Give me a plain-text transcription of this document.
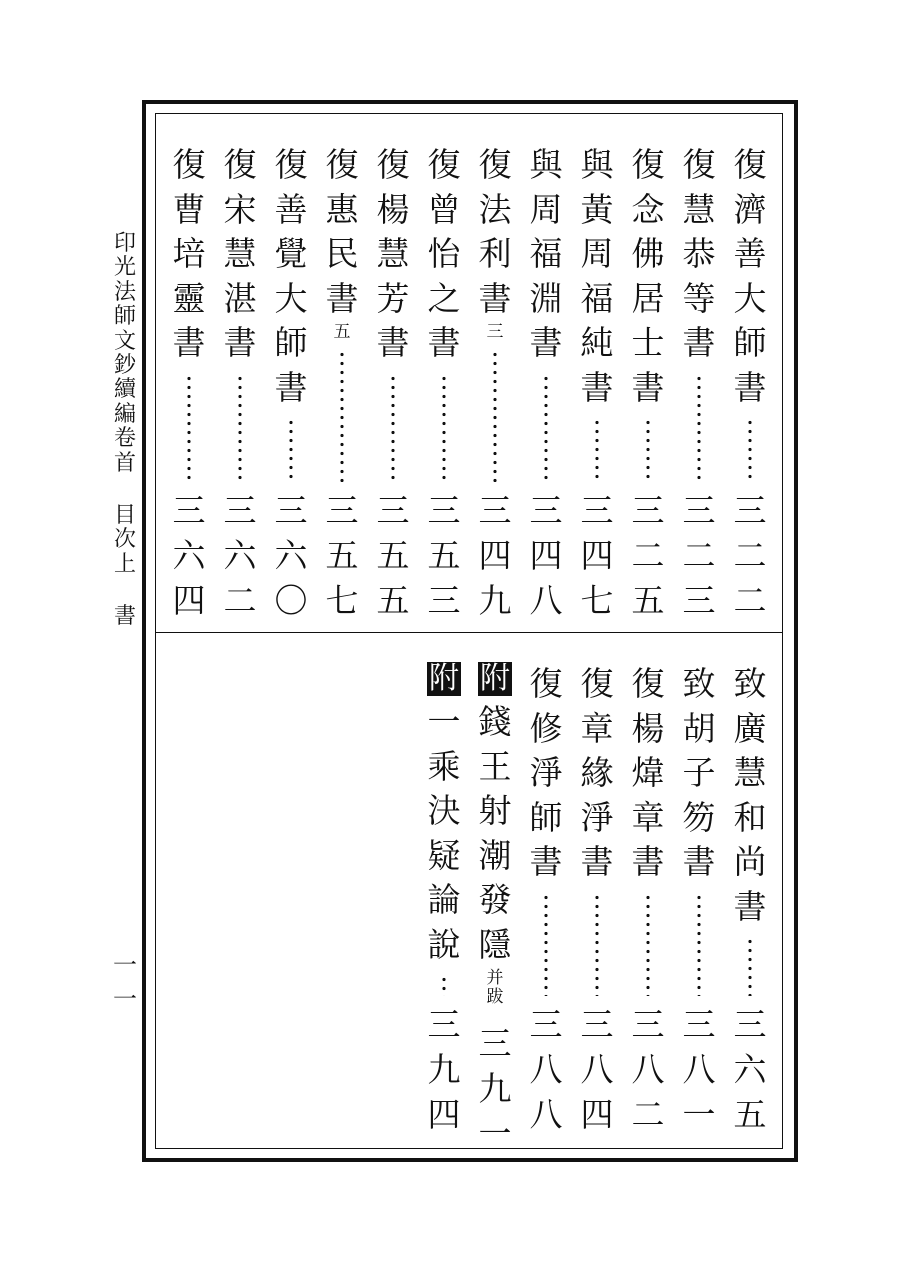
印光法師文鈔續編卷首
目次上
書
一一
復濟善大師書
三二二
復慧恭等書
三二三
復念佛居士書
三二五
與黃周福純書
三四七
與周福淵書
三四八
復法利書
三
三四九
復曾怡之書
三五三
復楊慧芳書
三五五
復惠民書
五
三五七
復善覺大師書
三六〇
復宋慧湛書
三六二
復曹培靈書
三六四
致廣慧和尚書
三六五
致胡子笏書
三八一
復楊煒章書
三八二
復章緣淨書
三八四
復修淨師書
三八八
附
錢王射潮發隱
并跋
三九一
附
一乘決疑論說
三九四
